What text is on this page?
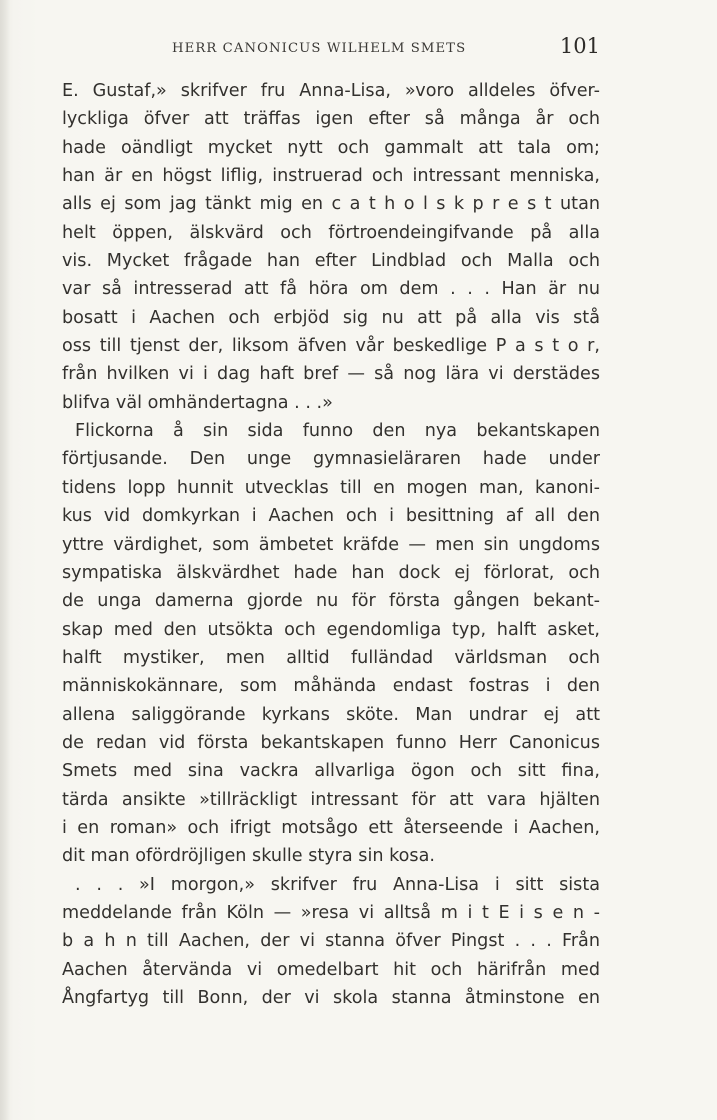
HERR CANONICUS WILHELM SMETS	101
E. Gustaf,» skrifver fru Anna-Lisa, »voro alldeles öfver-
lyckliga öfver att träffas igen efter så många år och
hade oändligt mycket nytt och gammalt att tala om;
han är en högst liflig, instruerad och intressant menniska,
alls ej som jag tänkt mig en c a t h o l s k p r e s t utan
helt öppen, älskvärd och förtroendeingifvande på alla
vis. Mycket frågade han efter Lindblad och Malla och
var så intresserad att få höra om dem . . . Han är nu
bosatt i Aachen och erbjöd sig nu att på alla vis stå
oss till tjenst der, liksom äfven vår beskedlige P a s t o r,
från hvilken vi i dag haft bref — så nog lära vi derstädes
blifva väl omhändertagna . . .»
Flickorna å sin sida funno den nya bekantskapen
förtjusande. Den unge gymnasieläraren hade under
tidens lopp hunnit utvecklas till en mogen man, kanoni-
kus vid domkyrkan i Aachen och i besittning af all den
yttre värdighet, som ämbetet kräfde — men sin ungdoms
sympatiska älskvärdhet hade han dock ej förlorat, och
de unga damerna gjorde nu för första gången bekant-
skap med den utsökta och egendomliga typ, halft asket,
halft mystiker, men alltid fulländad världsman och
människokännare, som måhända endast fostras i den
allena saliggörande kyrkans sköte. Man undrar ej att
de redan vid första bekantskapen funno Herr Canonicus
Smets med sina vackra allvarliga ögon och sitt fina,
tärda ansikte »tillräckligt intressant för att vara hjälten
i en roman» och ifrigt motsågo ett återseende i Aachen,
dit man ofördröjligen skulle styra sin kosa.
. . . »I morgon,» skrifver fru Anna-Lisa i sitt sista
meddelande från Köln — »resa vi alltså m i t E i s e n -
b a h n till Aachen, der vi stanna öfver Pingst . . . Från
Aachen återvända vi omedelbart hit och härifrån med
Ångfartyg till Bonn, der vi skola stanna åtminstone en
